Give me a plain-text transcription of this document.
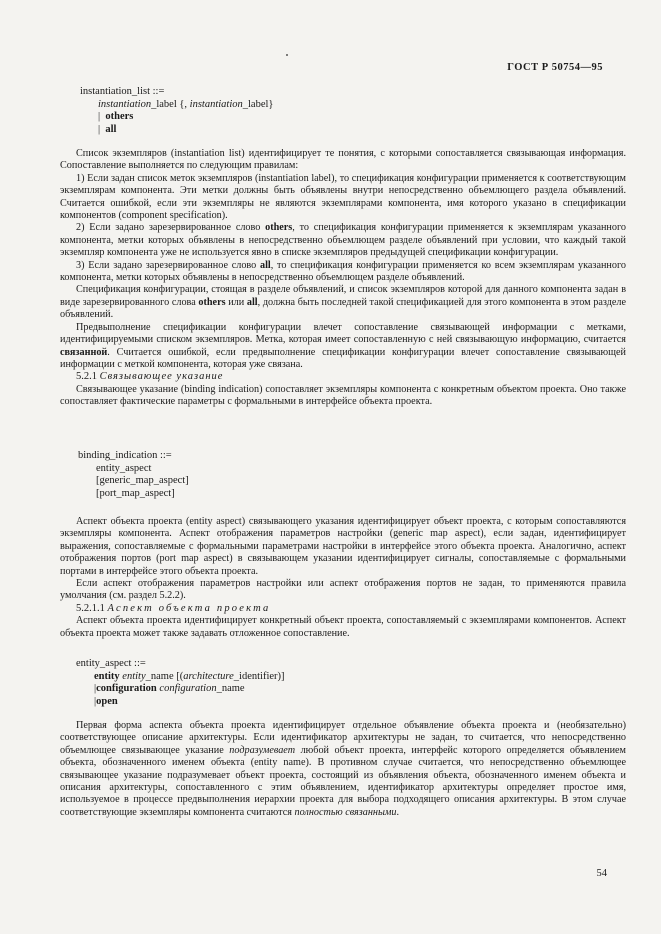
ГОСТ Р 50754—95
instantiation_list ::=
instantiation_label {, instantiation_label}
| others
| all

Список экземпляров (instantiation list) идентифицирует те понятия, с которыми сопоставляется связывающая информация. Сопоставление выполняется по следующим правилам:

1) Если задан список меток экземпляров (instantiation label), то спецификация конфигурации применяется к соответствующим экземплярам компонента. Эти метки должны быть объявлены внутри непосредственно объемлющего раздела объявлений. Считается ошибкой, если эти экземпляры не являются экземплярами компонента, имя которого указано в спецификации компонентов (component specification).

2) Если задано зарезервированное слово others, то спецификация конфигурации применяется к экземплярам указанного компонента, метки которых объявлены в непосредственно объемлющем разделе объявлений при условии, что каждый такой экземпляр компонента уже не используется явно в списке экземпляров предыдущей спецификации конфигурации.

3) Если задано зарезервированное слово all, то спецификация конфигурации применяется ко всем экземплярам указанного компонента, метки которых объявлены в непосредственно объемлющем разделе объявлений.

Спецификация конфигурации, стоящая в разделе объявлений, и список экземпляров которой для данного компонента задан в виде зарезервированного слова others или all, должна быть последней такой спецификацией для этого компонента в этом разделе объявлений.

Предвыполнение спецификации конфигурации влечет сопоставление связывающей информации с метками, идентифицируемыми списком экземпляров. Метка, которая имеет сопоставленную с ней связывающую информацию, считается связанной. Считается ошибкой, если предвыполнение спецификации конфигурации влечет сопоставление связывающей информации с меткой компонента, которая уже связана.

5.2.1 Связывающее указание

Связывающее указание (binding indication) сопоставляет экземпляры компонента с конкретным объектом проекта. Оно также сопоставляет фактические параметры с формальными в интерфейсе объекта проекта.

binding_indication ::=
entity_aspect
[generic_map_aspect]
[port_map_aspect]

Аспект объекта проекта (entity aspect) связывающего указания идентифицирует объект проекта, с которым сопоставляются экземпляры компонента. Аспект отображения параметров настройки (generic map aspect), если задан, идентифицирует выражения, сопоставляемые с формальными параметрами настройки в интерфейсе этого объекта проекта. Аналогично, аспект отображения портов (port map aspect) в связывающем указании идентифицирует сигналы, сопоставляемые с формальными портами в интерфейсе этого объекта проекта.

Если аспект отображения параметров настройки или аспект отображения портов не задан, то применяются правила умолчания (см. раздел 5.2.2).

5.2.1.1 Аспект объекта проекта

Аспект объекта проекта идентифицирует конкретный объект проекта, сопоставляемый с экземплярами компонентов. Аспект объекта проекта может также задавать отложенное сопоставление.

entity_aspect ::=
entity entity_name [(architecture_identifier)]
|configuration configuration_name
|open

Первая форма аспекта объекта проекта идентифицирует отдельное объявление объекта проекта и (необязательно) соответствующее описание архитектуры. Если идентификатор архитектуры не задан, то считается, что непосредственно объемлющее связывающее указание подразумевает любой объект проекта, интерфейс которого определяется объявлением объекта, обозначенного именем объекта (entity name). В противном случае считается, что непосредственно объемлющее связывающее указание подразумевает объект проекта, состоящий из объявления объекта, обозначенного именем объекта и описания архитектуры, сопоставленного с этим объявлением, идентификатор архитектуры определяет простое имя, используемое в процессе предвыполнения иерархии проекта для выбора подходящего описания архитектуры. В этом случае соответствующие экземпляры компонента считаются полностью связанными.

54
